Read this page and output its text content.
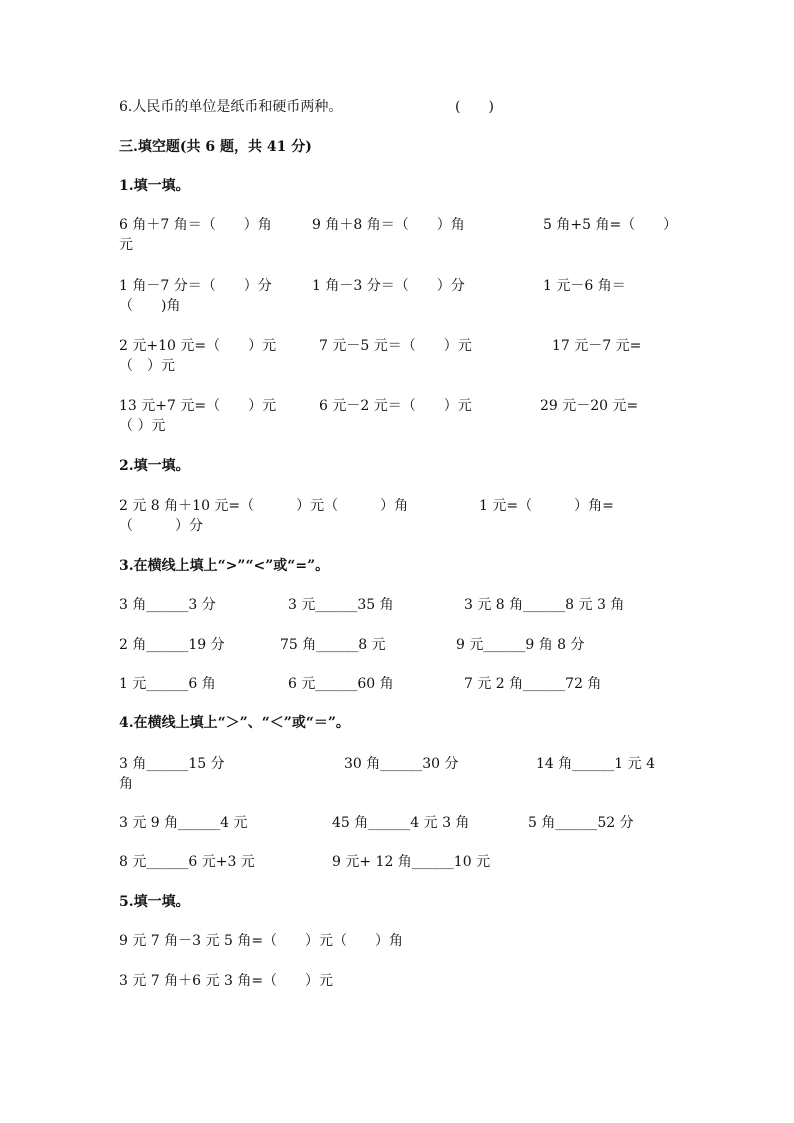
6.人民币的单位是纸币和硬币两种。	(　　)
三.填空题(共 6 题，共 41 分)
1.填一填。
6 角＋7 角＝（　　）角	9 角＋8 角＝（　　）角	5 角+5 角=（　　）
元
1 角－7 分＝（　　）分	1 角－3 分＝（　　）分	1 元－6 角＝
（　　)角
2 元+10 元=（　　）元	7 元－5 元＝（　　）元	17 元－7 元=
（　）元
13 元+7 元=（　　）元	6 元－2 元＝（　　）元	29 元－20 元=
（ ）元
2.填一填。
2 元 8 角＋10 元=（　　　）元（　　　）角	1 元=（　　　）角=
（　　　）分
3.在横线上填上“>”“<”或“=”。
3 角______3 分	3 元______35 角	3 元 8 角______8 元 3 角
2 角______19 分	75 角______8 元	9 元______9 角 8 分
1 元______6 角	6 元______60 角	7 元 2 角______72 角
4.在横线上填上“＞”、“＜”或“＝”。
3 角______15 分	30 角______30 分	14 角______1 元 4
角
3 元 9 角______4 元	45 角______4 元 3 角	5 角______52 分
8 元______6 元+3 元	9 元+ 12 角______10 元
5.填一填。
9 元 7 角－3 元 5 角=（　　）元（　　）角
3 元 7 角＋6 元 3 角=（　　）元
